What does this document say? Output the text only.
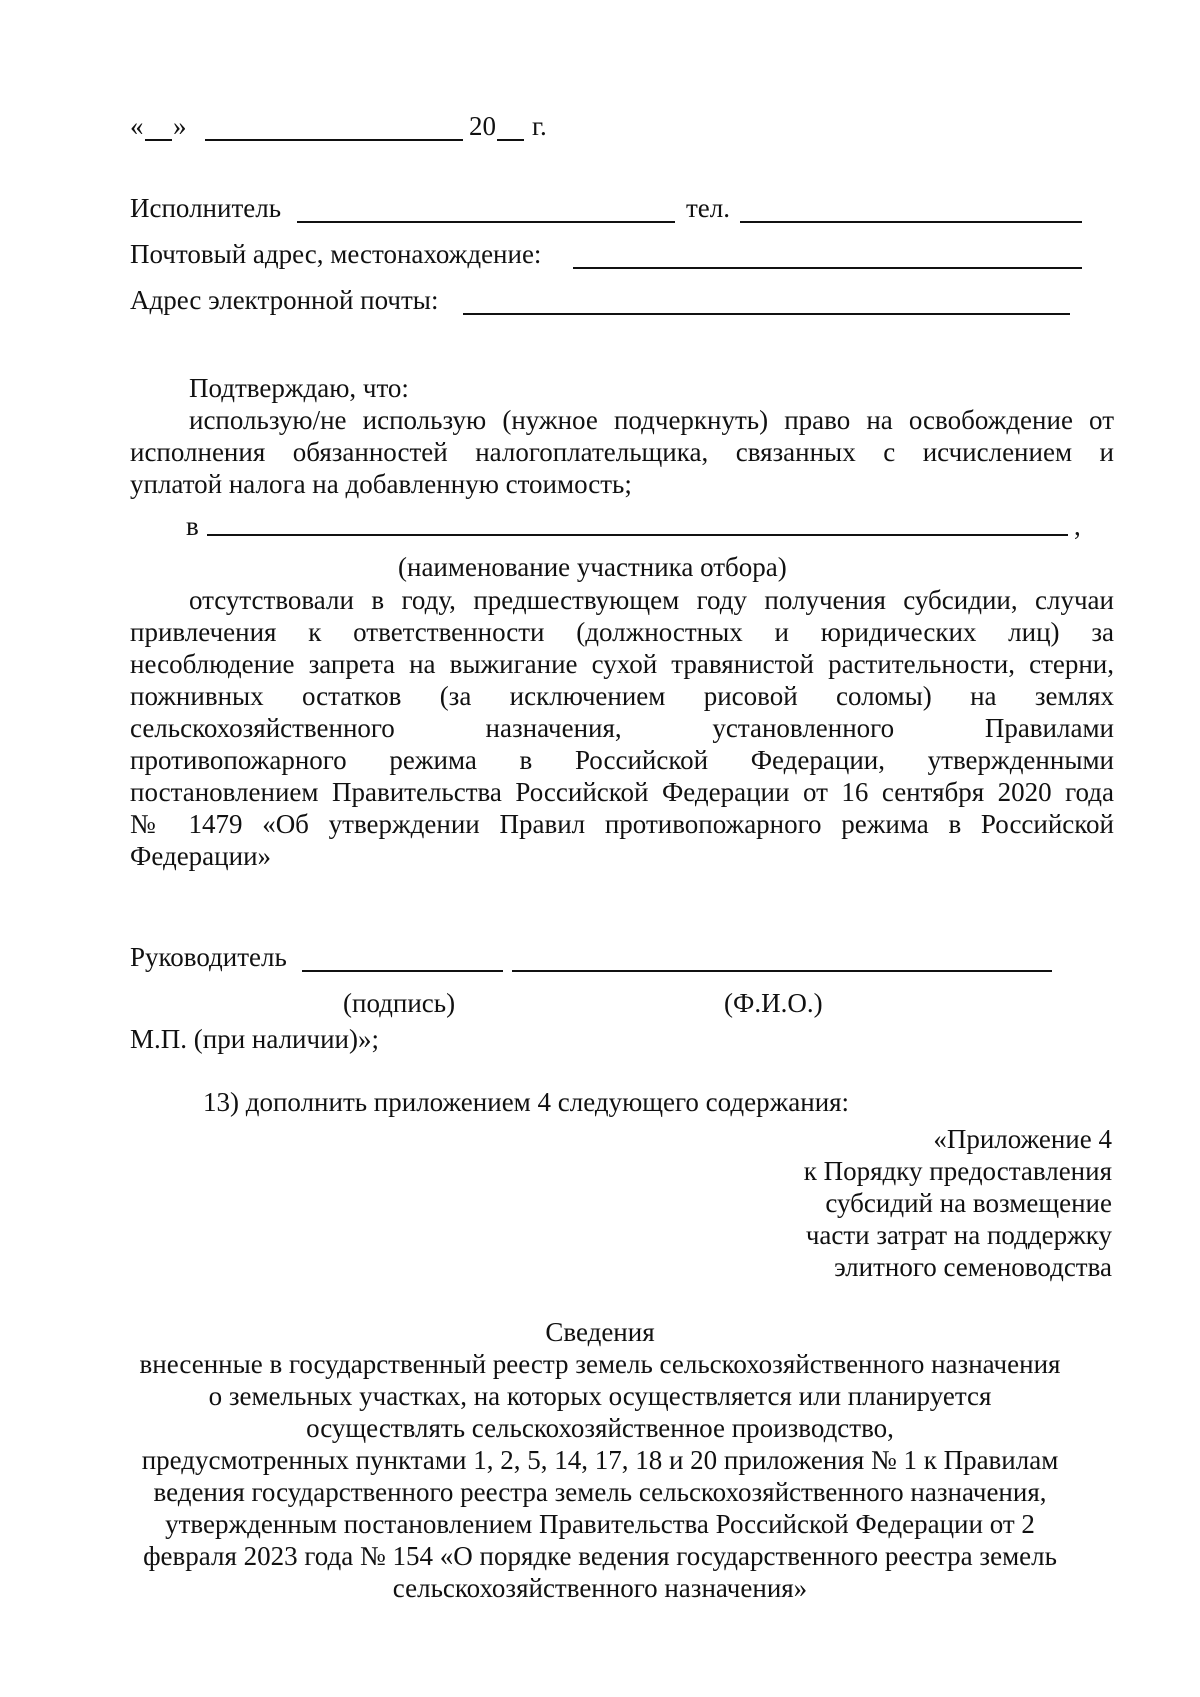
« »	20 г.
Исполнитель	тел.
Почтовый адрес, местонахождение:
Адрес электронной почты:
Подтверждаю, что:
использую/не использую (нужное подчеркнуть) право на освобождение от
исполнения обязанностей налогоплательщика, связанных с исчислением и
уплатой налога на добавленную стоимость;
в	,
(наименование участника отбора)
отсутствовали в году, предшествующем году получения субсидии, случаи
привлечения к ответственности (должностных и юридических лиц) за
несоблюдение запрета на выжигание сухой травянистой растительности, стерни,
пожнивных остатков (за исключением рисовой соломы) на землях
сельскохозяйственного назначения, установленного Правилами
противопожарного режима в Российской Федерации, утвержденными
постановлением Правительства Российской Федерации от 16 сентября 2020 года
№ 1479 «Об утверждении Правил противопожарного режима в Российской
Федерации»
Руководитель
(подпись)	(Ф.И.О.)
М.П. (при наличии)»;
13) дополнить приложением 4 следующего содержания:
«Приложение 4
к Порядку предоставления
субсидий на возмещение
части затрат на поддержку
элитного семеноводства
Сведения
внесенные в государственный реестр земель сельскохозяйственного назначения
о земельных участках, на которых осуществляется или планируется
осуществлять сельскохозяйственное производство,
предусмотренных пунктами 1, 2, 5, 14, 17, 18 и 20 приложения № 1 к Правилам
ведения государственного реестра земель сельскохозяйственного назначения,
утвержденным постановлением Правительства Российской Федерации от 2
февраля 2023 года № 154 «О порядке ведения государственного реестра земель
сельскохозяйственного назначения»
